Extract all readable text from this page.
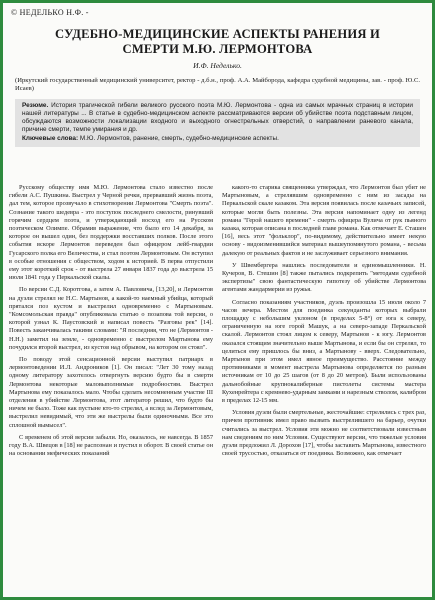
© НЕДЕЛЬКО Н.Ф. -
СУДЕБНО-МЕДИЦИНСКИЕ АСПЕКТЫ РАНЕНИЯ И
СМЕРТИ М.Ю. ЛЕРМОНТОВА
И.Ф. Неделько.
(Иркутский государственный медицинский университет, ректор - д.б.н., проф. А.А. Майборода, кафедра судебной медицины, зав. - проф. Ю.С. Исаев)
Резюме. История трагической гибели великого русского поэта М.Ю. Лермонтова - одна из самых мрачных страниц в истории нашей литературы ... В статье в судебно-медицинском аспекте рассматриваются версии об убийстве поэта подставным лицом, обсуждаются возможности локализации входного и выходного огнестрельных отверстий, о направлении раневого канала, причине смерти, темпе умирания и др.
Ключевые слова: М.Ю. Лермонтов, ранение, смерть, судебно-медицинские аспекты.

Русскому обществу имя М.Ю. Лермонтова стало известно после гибели А.С. Пушкина. Выстрел у Черной речки, прервавший жизнь поэта, дал тем, которое прозвучало в стихотворении Лермонтова "Смерть поэта". Сознание такого шедевра - это поступок последнего смелости, ринувший горячим сердцем поэта, и утверждающий восход его на Русском поэтическом Олимпе. Обрамив выражение, что было его 14 декабря, за которое он вышел один, без поддержки восставших полков. После этого события вскоре Лермонтов переведен был офицером лейб-гвардии Гусарского полка его Величества, и стал поэтом Лермонтовым. Он вступил в особые отношения с обществом, ходом к историей. В перва отпустили ему этот короткий срок - от выстрела 27 января 1837 года до выстрела 15 июля 1841 года у Перкальской скалы.

По версии С.Д. Коротгова, а затем А. Павловича, [13,20], и Лермонтов на дуэли стрелял не Н.С. Мартынов, а какой-то наемный убийца, который прятался поз кустом и выстрелил одновременно с Мартыновым. "Комсомольская правда" опубликовала статью о позапова той версии, о которой узнал К. Паустовский и написал повесть "Разговы рек" [14]. Повесть заканчивалась такими словами: "Я последняя, что не (Лермонтов - Н.Н.) заметил на земле, - одновременно с выстрелом Мартынова ему почудился второй выстрел, из кустов над обрывом, на котором он стоял".

По поводу этой сенсационной версии выступил патриарх в лермонтоведении И.Л. Андроников [1]. Он писал: "Лет 30 тому назад одному литератору захотелось отвергнуть версию будто бы в смерти Лермонтова некоторые маловыполнимые подробностям. Выстрел Мартынова ему показалось мало. Чтобы сделать несомненным участие III отделения в убийстве Лермонтова, этот литератор решил, что будто бы ничем не было. Тоже как пустыне кто-то стрелял, а вслед за Лермонтовым, выстрелил невидимый, что эти же выстрелы были одиночными. Все это сплошной вымысел".

С временем об этой версии забыли. Но, оказалось, не навсегда. В 1857 году В.А. Швецов в [18] не распознан и пустил в оборот. В своей статье он на основании мефических показаний

какого-то старика священника утверждал, что Лермонтов был убит не Мартыновым, а стрелявшим одновременно с ним из засады на Перкальской скале казаком. Эта версия появилась после казачьих записей, которые могли быть полезны. Эта версия напоминает одну из легенд романа "Герой нашего времени" - смерть офицера Вулича от рук пьяного казака, которая описана в последней главе романа. Как отмечает Е. Сташен [16], весь этот "фольклор", по-видимому, действительно имеет некую основу - видоизменившийся материал вышеупомянутого романа, - весьма далекую от реальных фактов и не заслуживает серьезного внимания.

У Швембергера нашлись последователи и единомышленники. Н. Кучеров, В. Стешин [8] также пытались подкрепить "методами судебной экспертизы" свою фантастическую гипотезу об убийстве Лермонтова агентами жандармерии из ружья.

Согласно показаниям участников, дуэль произошла 15 июля около 7 часов вечера. Местом для поединка секунданты которых выбрали площадку с небольшим уклоном (в пределах 5-8°) от юга к северу, ограниченную на юге горой Машук, а на северо-западе Перкальской скалой. Лермонтов стоял лицом к северу, Мартынов - к югу. Лермонтов оказался стоящим значительно выше Мартынова, и если бы он стрелял, то целиться ему пришлось бы вниз, а Мартынову - вверх. Следовательно, Мартынов при этом имел явное преимущество. Расстояние между противниками в момент выстрела Мартынова определяется по разным источникам от 10 до 25 шагов (от 8 до 20 метров). Были использованы дальнобойные крупнокалиберные пистолеты системы мастера Кухенрейтера с кремнево-ударным замками и нарезным стволом, калибром в пределах 12-15 мм.

Условия дуэли были смертельные, жесточайшие: стрелялись с трех раз, причем противник имел право вызвать выстрелившего на барьер, очутки считались за выстрел. Условия эти можно не соответствовали известным нам сведениям по ним Условия. Существуют версии, что тяжелые условия дуэли предложил Л. Дорохов [17], чтобы заставить Мартынова, известного своей трусостью, отказаться от поединка. Возможно, как отмечает
